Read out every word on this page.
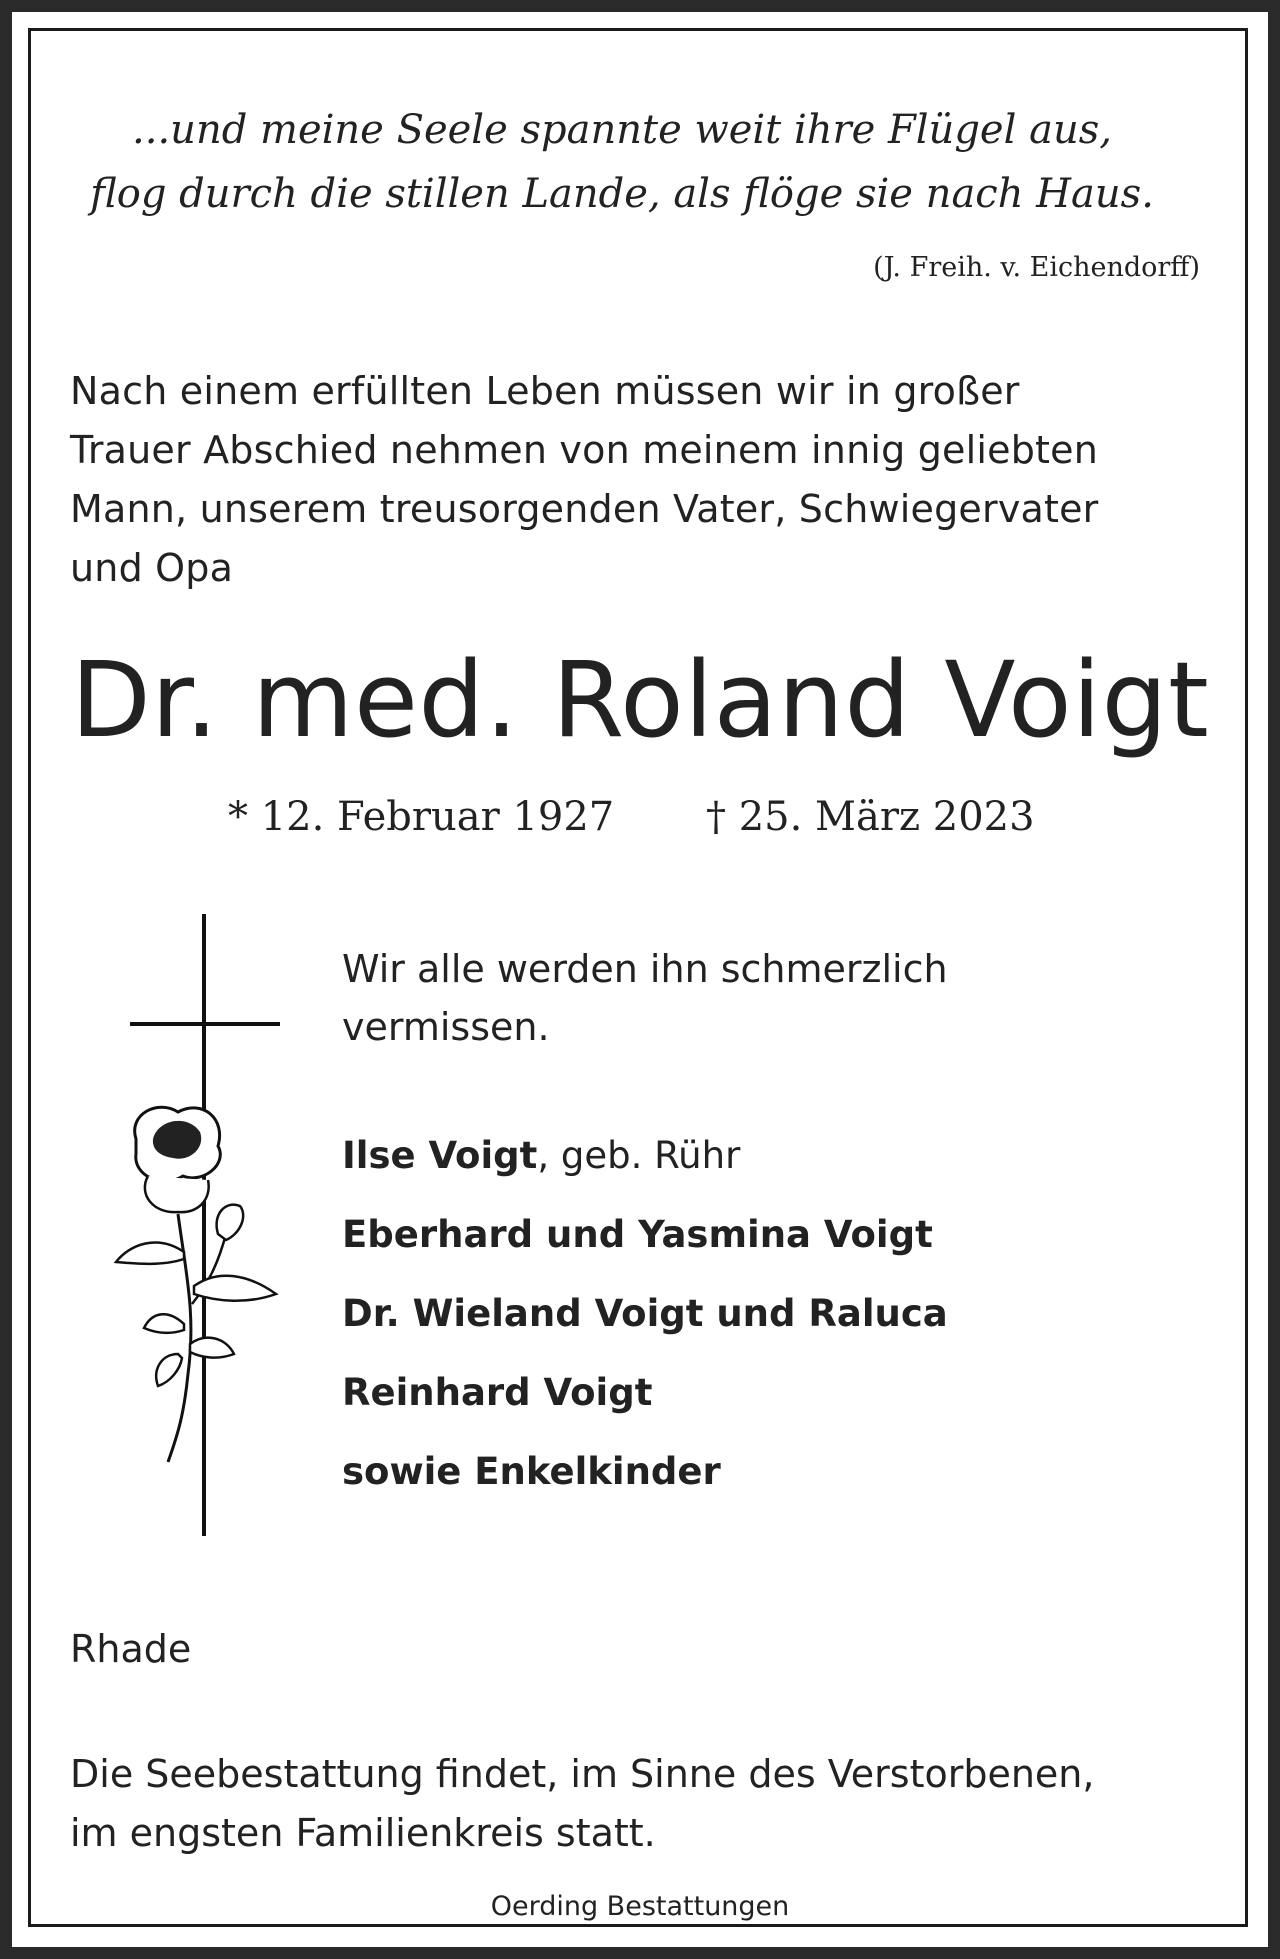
...und meine Seele spannte weit ihre Flügel aus,
flog durch die stillen Lande, als flöge sie nach Haus.
(J. Freih. v. Eichendorff)
Nach einem erfüllten Leben müssen wir in großer
Trauer Abschied nehmen von meinem innig geliebten
Mann, unserem treusorgenden Vater, Schwiegervater
und Opa
Dr. med. Roland Voigt
* 12. Februar 1927 † 25. März 2023
Wir alle werden ihn schmerzlich
vermissen.
Ilse Voigt, geb. Rühr
Eberhard und Yasmina Voigt
Dr. Wieland Voigt und Raluca
Reinhard Voigt
sowie Enkelkinder
Rhade
Die Seebestattung findet, im Sinne des Verstorbenen,
im engsten Familienkreis statt.
Oerding Bestattungen
